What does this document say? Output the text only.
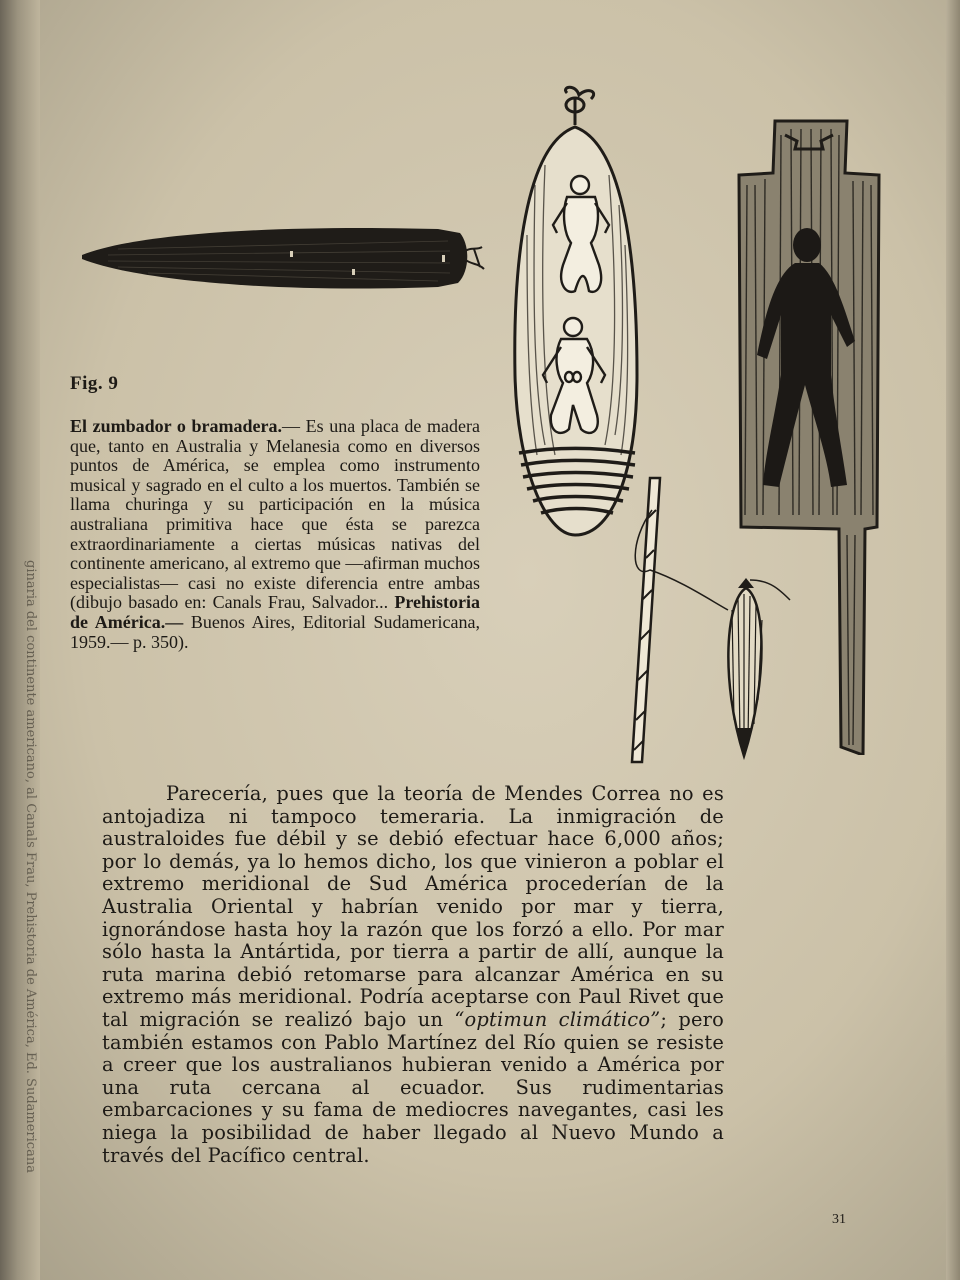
ginaria del continente americano, al Canals Frau, Prehistoria de América, Ed. Sudamericana
Fig. 9
El zumbador o bramadera.— Es una placa de madera que, tanto en Australia y Melanesia como en diversos puntos de América, se emplea como instrumento musical y sagrado en el culto a los muertos. También se llama churinga y su participación en la música australiana primitiva hace que ésta se parezca extraordinariamente a ciertas músicas nativas del continente americano, al extremo que —afirman muchos especialistas— casi no existe diferencia entre ambas (dibujo basado en: Canals Frau, Salvador... Prehistoria de América.— Buenos Aires, Editorial Sudamericana, 1959.— p. 350).

Parecería, pues que la teoría de Mendes Correa no es antojadiza ni tampoco temeraria. La inmigración de australoides fue débil y se debió efectuar hace 6,000 años; por lo demás, ya lo hemos dicho, los que vinieron a poblar el extremo meridional de Sud América procederían de la Australia Oriental y habrían venido por mar y tierra, ignorándose hasta hoy la razón que los forzó a ello. Por mar sólo hasta la Antártida, por tierra a partir de allí, aunque la ruta marina debió retomarse para alcanzar América en su extremo más meridional. Podría aceptarse con Paul Rivet que tal migración se realizó bajo un “optimun climático”; pero también estamos con Pablo Martínez del Río quien se resiste a creer que los australianos hubieran venido a América por una ruta cercana al ecuador. Sus rudimentarias embarcaciones y su fama de mediocres navegantes, casi les niega la posibilidad de haber llegado al Nuevo Mundo a través del Pacífico central.

31
